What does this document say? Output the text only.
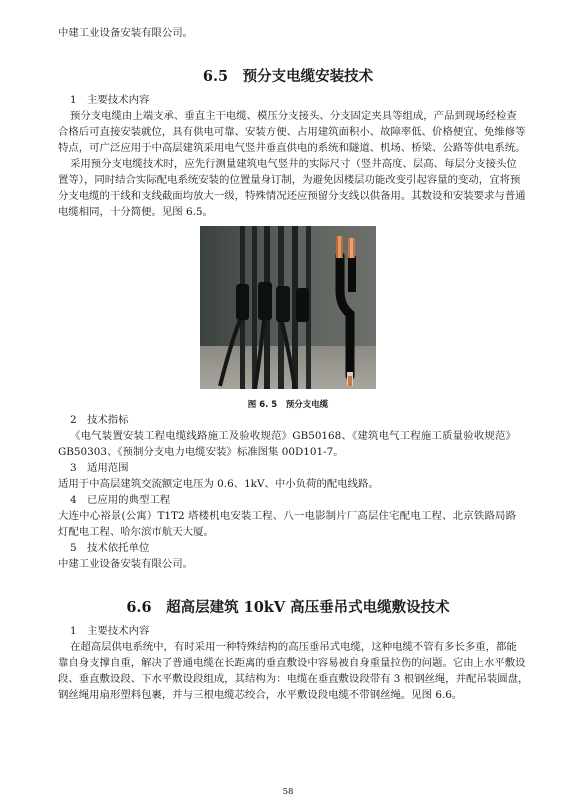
中建工业设备安装有限公司。
6.5　预分支电缆安装技术
1　主要技术内容
预分支电缆由上端支承、垂直主干电缆、模压分支接头、分支固定夹具等组成，产品到现场经检查
合格后可直接安装就位，具有供电可靠、安装方便、占用建筑面积小、故障率低、价格便宜、免维修等
特点，可广泛应用于中高层建筑采用电气竖井垂直供电的系统和隧道、机场、桥梁、公路等供电系统。
采用预分支电缆技术时，应先行测量建筑电气竖井的实际尺寸（竖井高度、层高、每层分支接头位
置等），同时结合实际配电系统安装的位置量身订制，为避免因楼层功能改变引起容量的变动，宜将预
分支电缆的干线和支线截面均放大一级，特殊情况还应预留分支线以供备用。其数设和安装要求与普通
电缆相同，十分简便。见图 6.5。
图 6. 5　预分支电缆
2　技术指标
《电气装置安装工程电缆线路施工及验收规范》GB50168、《建筑电气工程施工质量验收规范》
GB50303、《预制分支电力电缆安装》标准图集 00D101-7。
3　适用范围
适用于中高层建筑交流额定电压为 0.6、1kV、中小负荷的配电线路。
4　已应用的典型工程
大连中心裕景(公寓）T1T2 塔楼机电安装工程、八一电影制片厂高层住宅配电工程、北京铁路局路
灯配电工程、哈尔滨市航天大厦。
5　技术依托单位
中建工业设备安装有限公司。
6.6　超高层建筑 10kV 高压垂吊式电缆敷设技术
1　主要技术内容
在超高层供电系统中，有时采用一种特殊结构的高压垂吊式电缆，这种电缆不管有多长多重，都能
靠自身支撑自重，解决了普通电缆在长距离的垂直敷设中容易被自身重量拉伤的问题。它由上水平敷设
段、垂直敷设段、下水平敷设段组成，其结构为：电缆在垂直敷设段带有 3 根钢丝绳，并配吊装圆盘，
钢丝绳用扇形塑料包裹，并与三根电缆芯绞合，水平敷设段电缆不带钢丝绳。见图 6.6。
58
